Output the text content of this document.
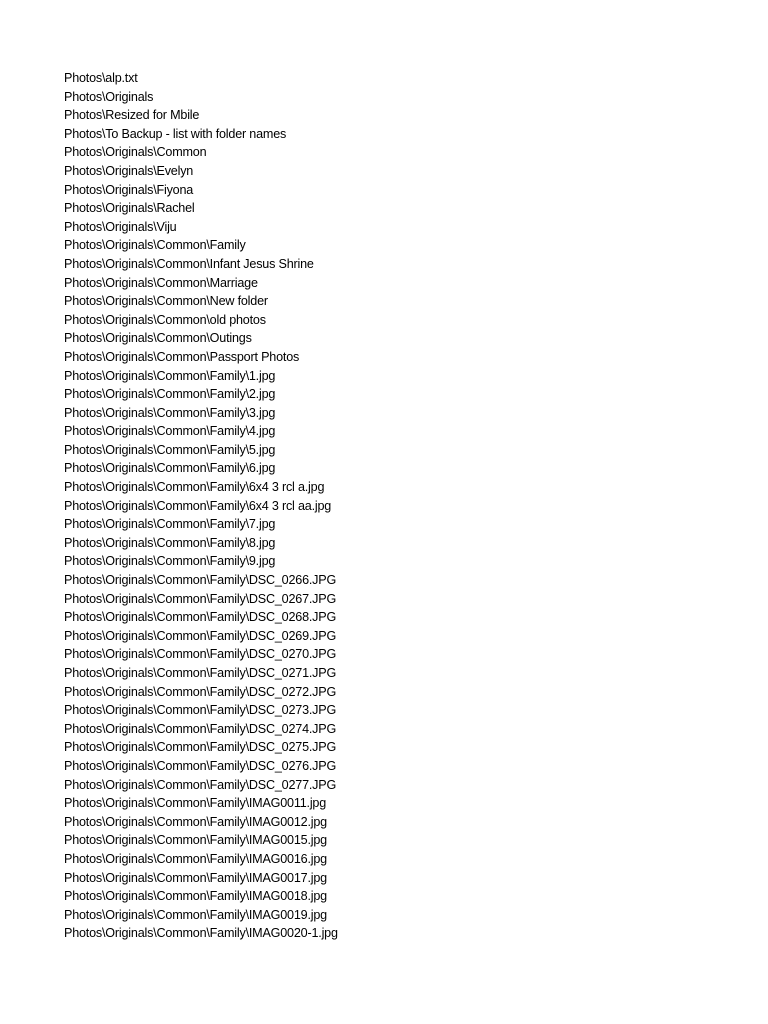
Photos\alp.txt
Photos\Originals
Photos\Resized for Mbile
Photos\To Backup - list with folder names
Photos\Originals\Common
Photos\Originals\Evelyn
Photos\Originals\Fiyona
Photos\Originals\Rachel
Photos\Originals\Viju
Photos\Originals\Common\Family
Photos\Originals\Common\Infant Jesus Shrine
Photos\Originals\Common\Marriage
Photos\Originals\Common\New folder
Photos\Originals\Common\old photos
Photos\Originals\Common\Outings
Photos\Originals\Common\Passport Photos
Photos\Originals\Common\Family\1.jpg
Photos\Originals\Common\Family\2.jpg
Photos\Originals\Common\Family\3.jpg
Photos\Originals\Common\Family\4.jpg
Photos\Originals\Common\Family\5.jpg
Photos\Originals\Common\Family\6.jpg
Photos\Originals\Common\Family\6x4 3 rcl a.jpg
Photos\Originals\Common\Family\6x4 3 rcl aa.jpg
Photos\Originals\Common\Family\7.jpg
Photos\Originals\Common\Family\8.jpg
Photos\Originals\Common\Family\9.jpg
Photos\Originals\Common\Family\DSC_0266.JPG
Photos\Originals\Common\Family\DSC_0267.JPG
Photos\Originals\Common\Family\DSC_0268.JPG
Photos\Originals\Common\Family\DSC_0269.JPG
Photos\Originals\Common\Family\DSC_0270.JPG
Photos\Originals\Common\Family\DSC_0271.JPG
Photos\Originals\Common\Family\DSC_0272.JPG
Photos\Originals\Common\Family\DSC_0273.JPG
Photos\Originals\Common\Family\DSC_0274.JPG
Photos\Originals\Common\Family\DSC_0275.JPG
Photos\Originals\Common\Family\DSC_0276.JPG
Photos\Originals\Common\Family\DSC_0277.JPG
Photos\Originals\Common\Family\IMAG0011.jpg
Photos\Originals\Common\Family\IMAG0012.jpg
Photos\Originals\Common\Family\IMAG0015.jpg
Photos\Originals\Common\Family\IMAG0016.jpg
Photos\Originals\Common\Family\IMAG0017.jpg
Photos\Originals\Common\Family\IMAG0018.jpg
Photos\Originals\Common\Family\IMAG0019.jpg
Photos\Originals\Common\Family\IMAG0020-1.jpg
